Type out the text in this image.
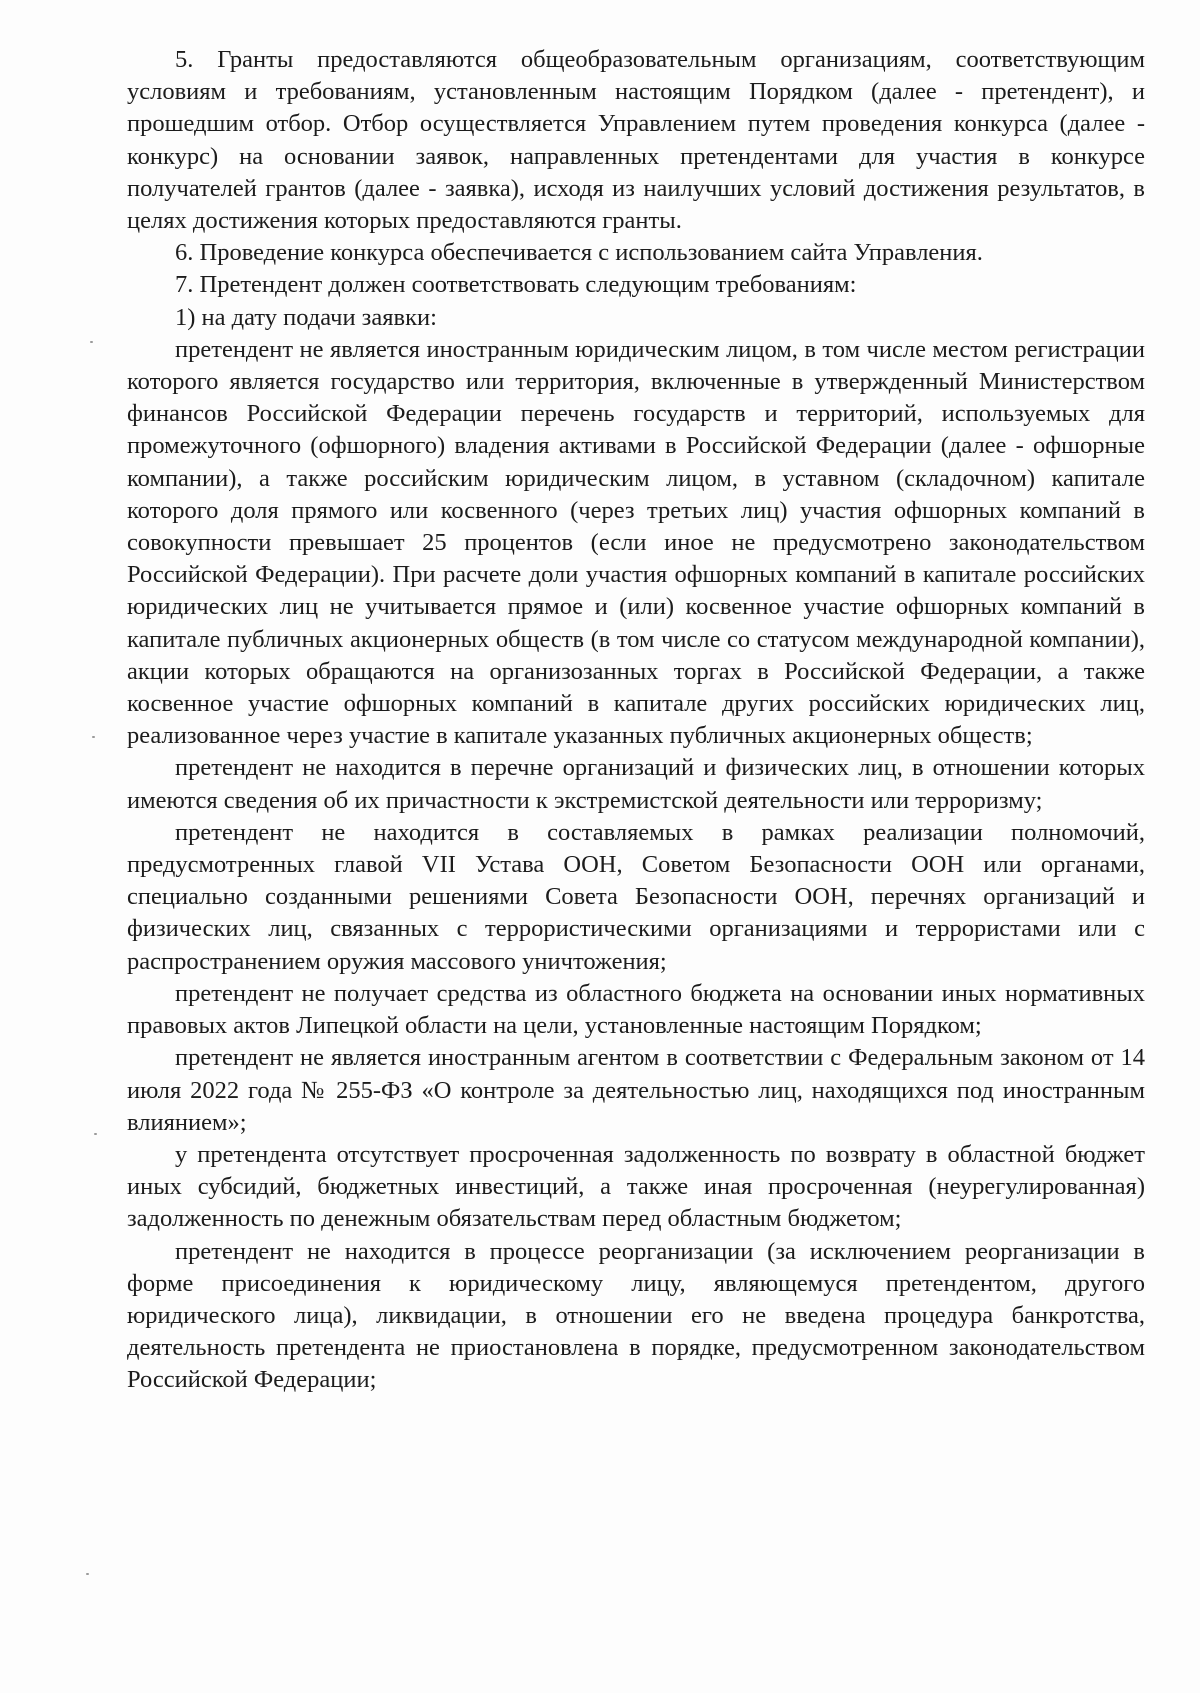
5. Гранты предоставляются общеобразовательным организациям, соответствующим условиям и требованиям, установленным настоящим Порядком (далее - претендент), и прошедшим отбор. Отбор осуществляется Управлением путем проведения конкурса (далее - конкурс) на основании заявок, направленных претендентами для участия в конкурсе получателей грантов (далее - заявка), исходя из наилучших условий достижения результатов, в целях достижения которых предоставляются гранты.

6. Проведение конкурса обеспечивается с использованием сайта Управления.

7. Претендент должен соответствовать следующим требованиям:

1) на дату подачи заявки:

претендент не является иностранным юридическим лицом, в том числе местом регистрации которого является государство или территория, включенные в утвержденный Министерством финансов Российской Федерации перечень государств и территорий, используемых для промежуточного (офшорного) владения активами в Российской Федерации (далее - офшорные компании), а также российским юридическим лицом, в уставном (складочном) капитале которого доля прямого или косвенного (через третьих лиц) участия офшорных компаний в совокупности превышает 25 процентов (если иное не предусмотрено законодательством Российской Федерации). При расчете доли участия офшорных компаний в капитале российских юридических лиц не учитывается прямое и (или) косвенное участие офшорных компаний в капитале публичных акционерных обществ (в том числе со статусом международной компании), акции которых обращаются на организозанных торгах в Российской Федерации, а также косвенное участие офшорных компаний в капитале других российских юридических лиц, реализованное через участие в капитале указанных публичных акционерных обществ;

претендент не находится в перечне организаций и физических лиц, в отношении которых имеются сведения об их причастности к экстремистской деятельности или терроризму;

претендент не находится в составляемых в рамках реализации полномочий, предусмотренных главой VII Устава ООН, Советом Безопасности ООН или органами, специально созданными решениями Совета Безопасности ООН, перечнях организаций и физических лиц, связанных с террористическими организациями и террористами или с распространением оружия массового уничтожения;

претендент не получает средства из областного бюджета на основании иных нормативных правовых актов Липецкой области на цели, установленные настоящим Порядком;

претендент не является иностранным агентом в соответствии с Федеральным законом от 14 июля 2022 года № 255-ФЗ «О контроле за деятельностью лиц, находящихся под иностранным влиянием»;

у претендента отсутствует просроченная задолженность по возврату в областной бюджет иных субсидий, бюджетных инвестиций, а также иная просроченная (неурегулированная) задолженность по денежным обязательствам перед областным бюджетом;

претендент не находится в процессе реорганизации (за исключением реорганизации в форме присоединения к юридическому лицу, являющемуся претендентом, другого юридического лица), ликвидации, в отношении его не введена процедура банкротства, деятельность претендента не приостановлена в порядке, предусмотренном законодательством Российской Федерации;
